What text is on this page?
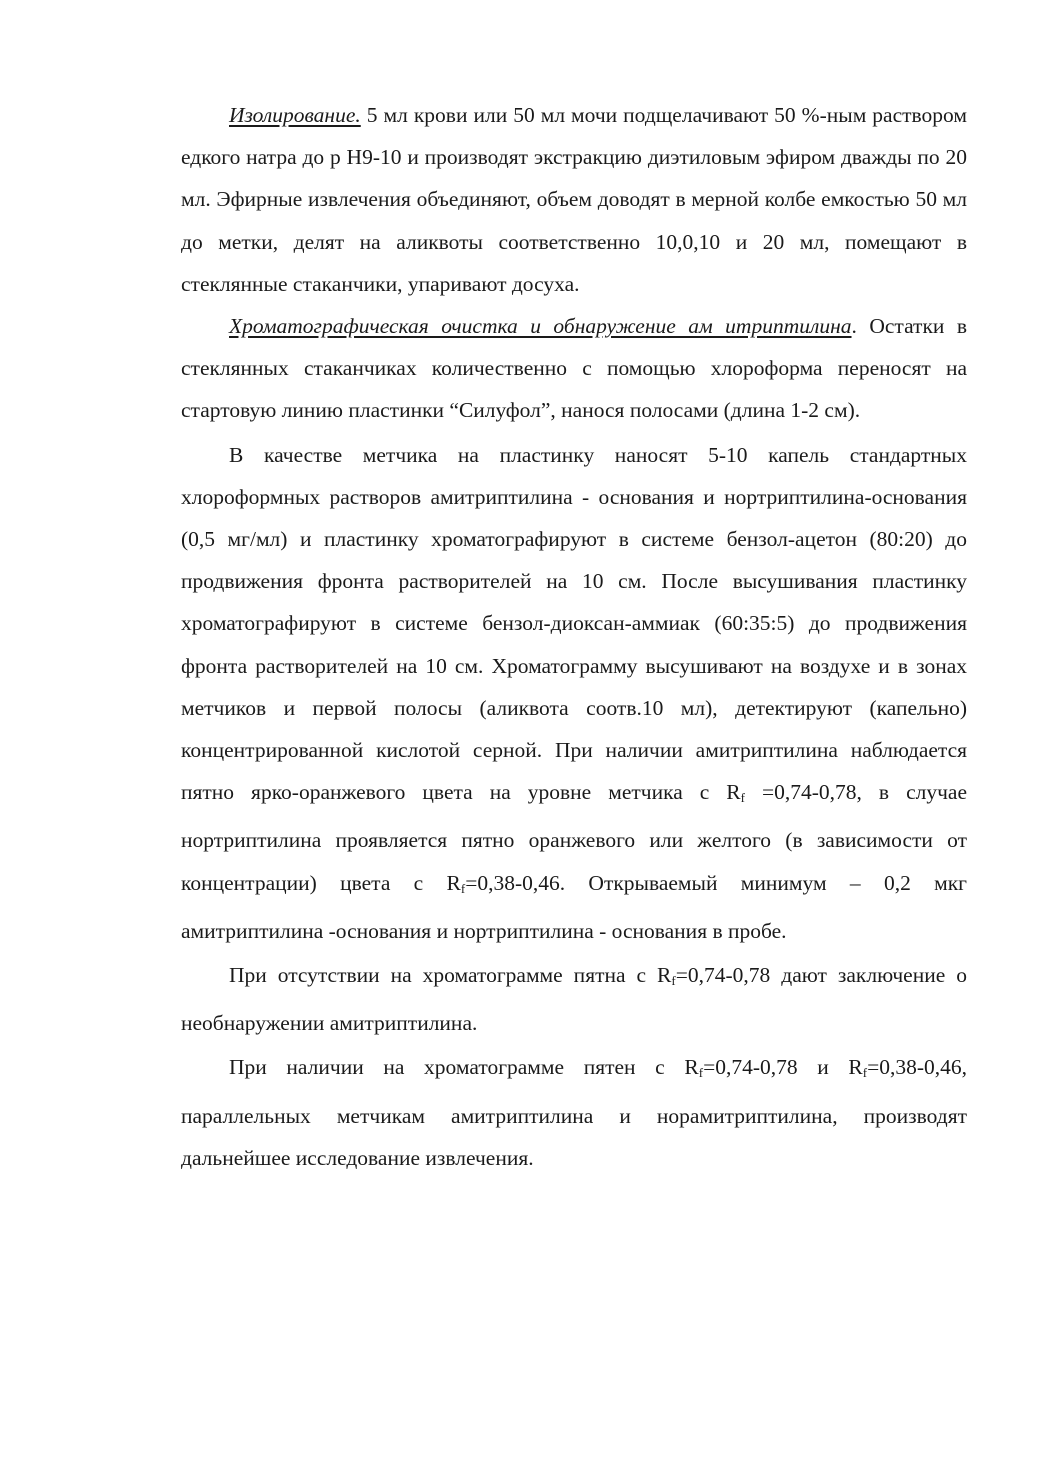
Изолирование. 5 мл крови или 50 мл мочи подщелачивают 50 %-ным раствором едкого натра до р Н9-10 и производят экстракцию диэтиловым эфиром дважды по 20 мл. Эфирные извлечения объединяют, объем доводят в мерной колбе емкостью 50 мл до метки, делят на аликвоты соответственно 10,0,10 и 20 мл, помещают в стеклянные стаканчики, упаривают досуха.

Хроматографическая очистка и обнаружение ам итриптилина. Остатки в стеклянных стаканчиках количественно с помощью хлороформа переносят на стартовую линию пластинки “Силуфол”, нанося полосами (длина 1-2 см).

В качестве метчика на пластинку наносят 5-10 капель стандартных хлороформных растворов амитриптилина - основания и нортриптилина-основания (0,5 мг/мл) и пластинку хроматографируют в системе бензол-ацетон (80:20) до продвижения фронта растворителей на 10 см. После высушивания пластинку хроматографируют в системе бензол-диоксан-аммиак (60:35:5) до продвижения фронта растворителей на 10 см. Хроматограмму высушивают на воздухе и в зонах метчиков и первой полосы (аликвота соотв.10 мл), детектируют (капельно) концентрированной кислотой серной. При наличии амитриптилина наблюдается пятно ярко-оранжевого цвета на уровне метчика с $R_f =0,74-0,78$, в случае нортриптилина проявляется пятно оранжевого или желтого (в зависимости от концентрации) цвета с $R_f=0,38-0,46$. Открываемый минимум – 0,2 мкг амитриптилина -основания и нортриптилина - основания в пробе.

При отсутствии на хроматограмме пятна с $R_f=0,74-0,78$ дают заключение о необнаружении амитриптилина.

При наличии на хроматограмме пятен с $R_f=0,74-0,78$ и $R_f=0,38-0,46$, параллельных метчикам амитриптилина и норамитриптилина, производят дальнейшее исследование извлечения.
